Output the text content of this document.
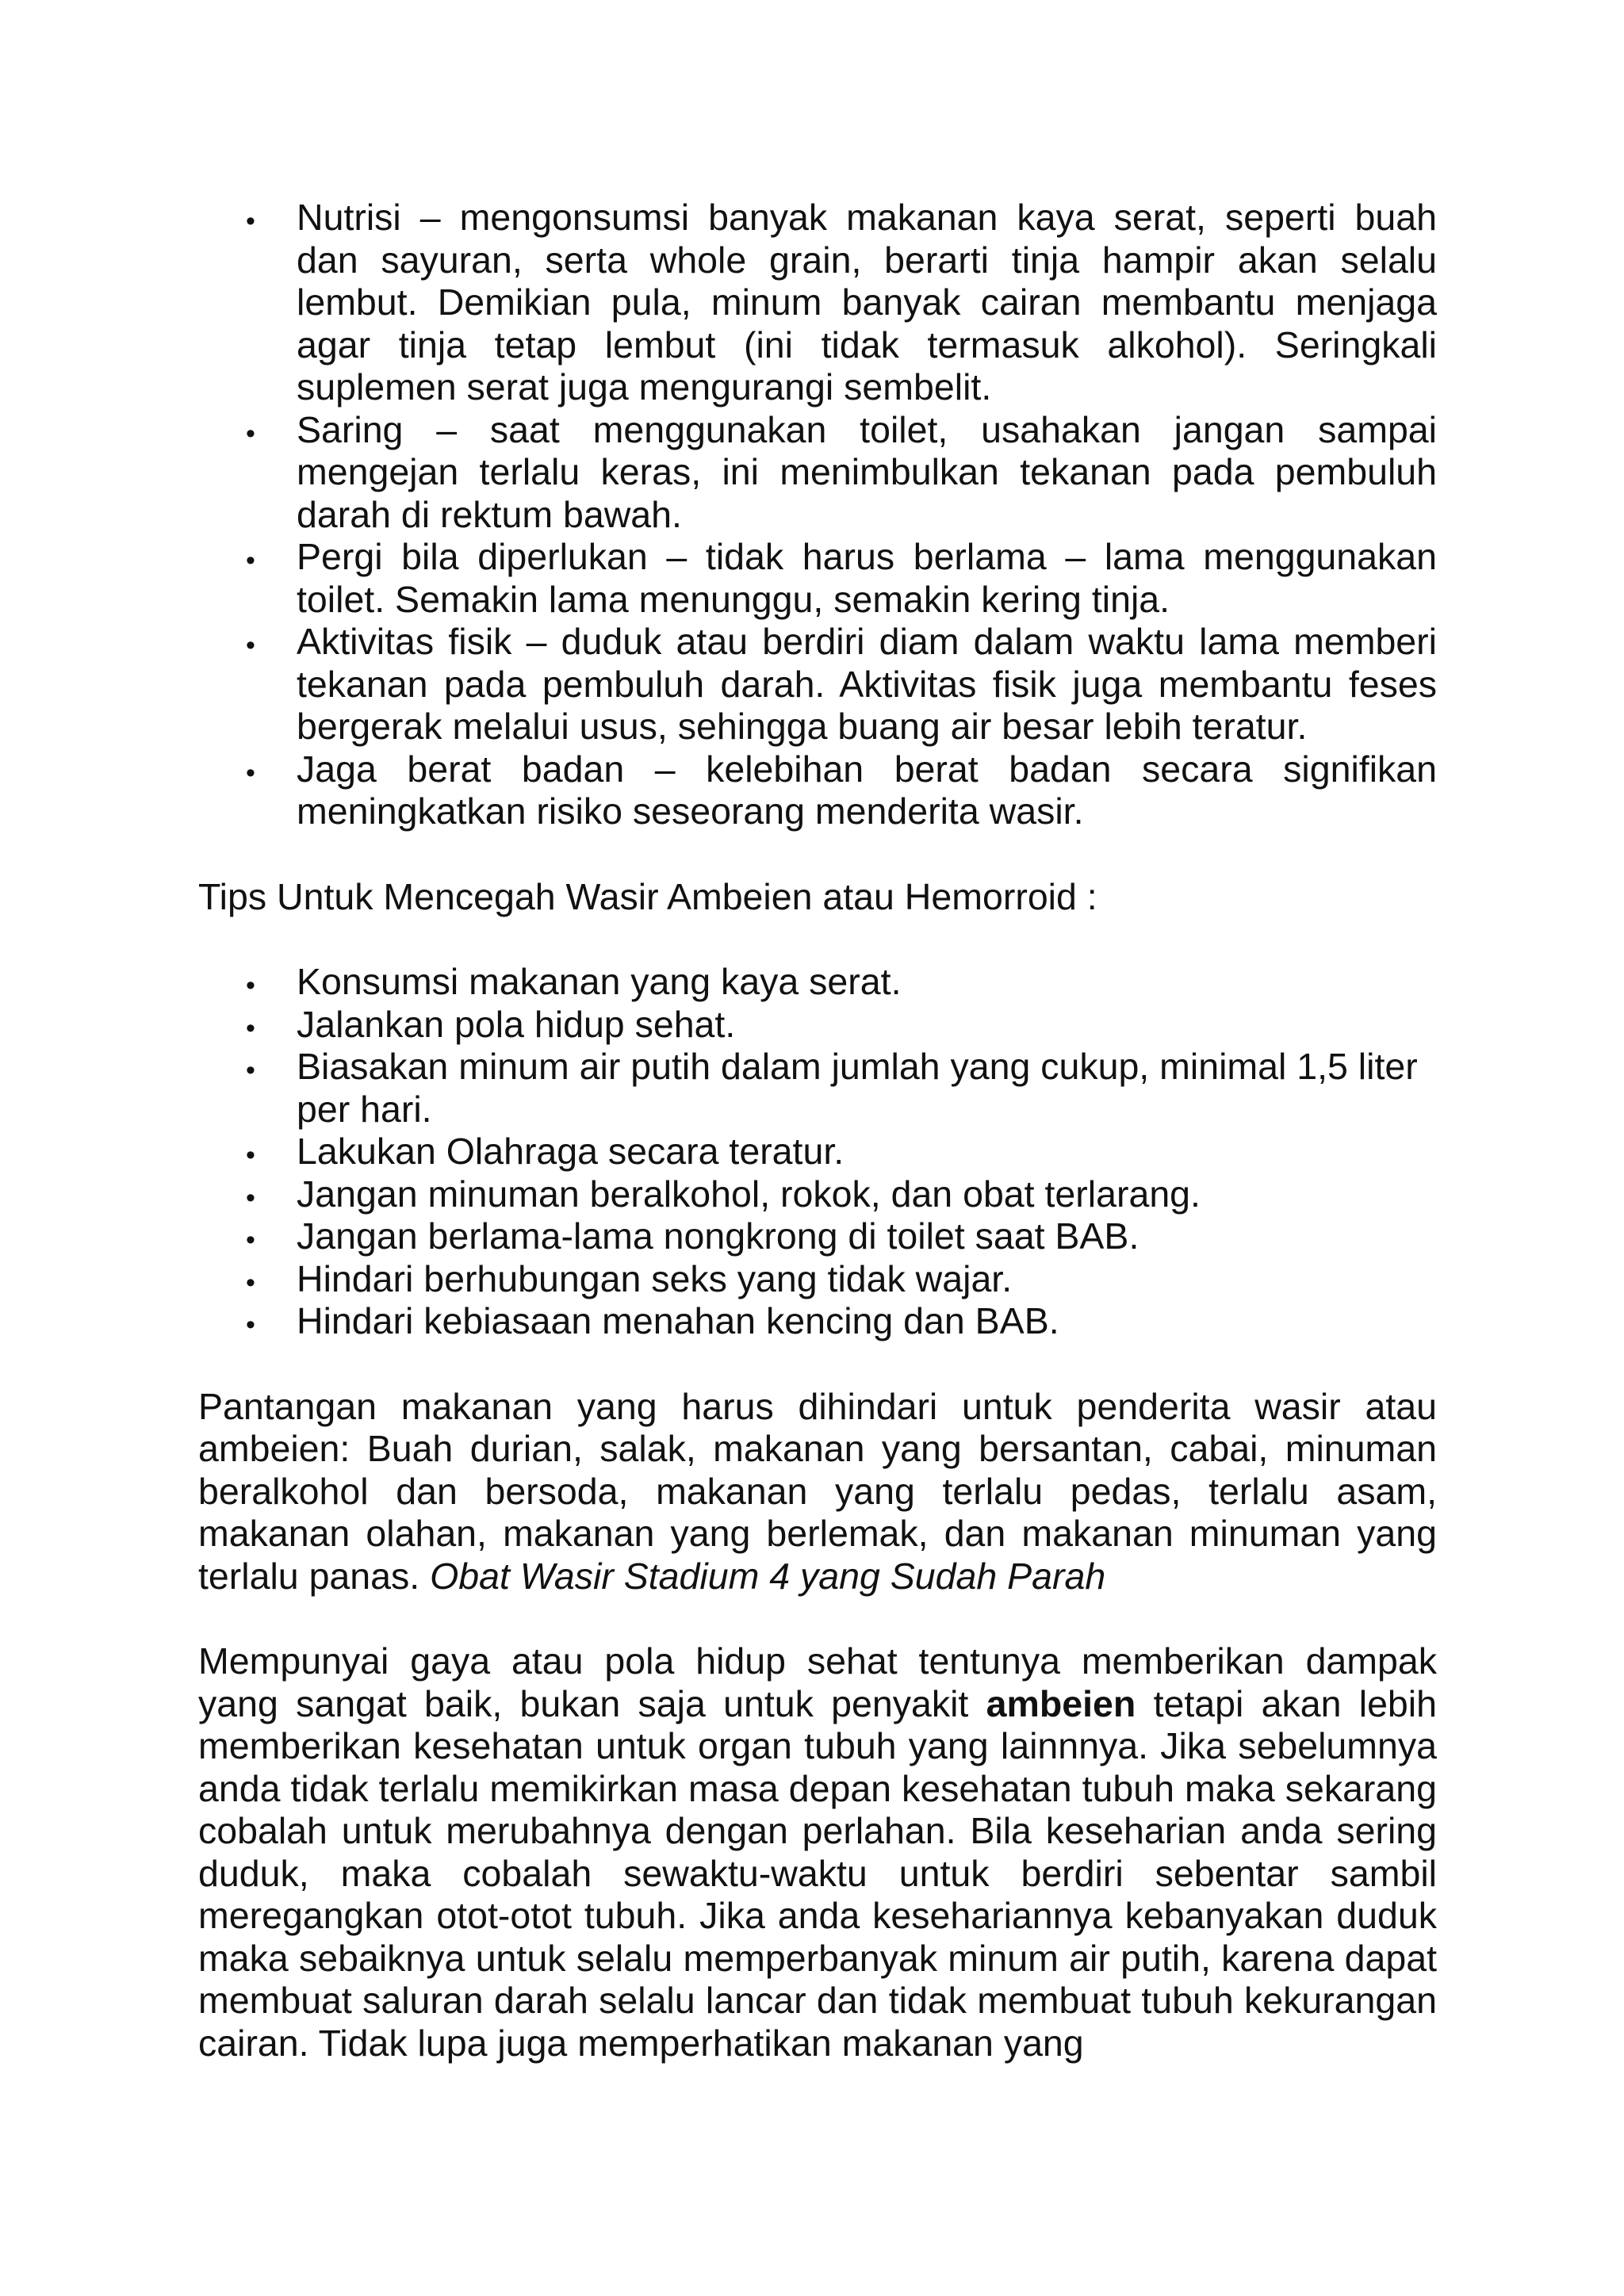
•
Nutrisi – mengonsumsi banyak makanan kaya serat, seperti buah dan sayuran, serta whole grain, berarti tinja hampir akan selalu lembut. Demikian pula, minum banyak cairan membantu menjaga agar tinja tetap lembut (ini tidak termasuk alkohol). Seringkali suplemen serat juga mengurangi sembelit.
•
Saring – saat menggunakan toilet, usahakan jangan sampai mengejan terlalu keras, ini menimbulkan tekanan pada pembuluh darah di rektum bawah.
•
Pergi bila diperlukan – tidak harus berlama – lama menggunakan toilet. Semakin lama menunggu, semakin kering tinja.
•
Aktivitas fisik – duduk atau berdiri diam dalam waktu lama memberi tekanan pada pembuluh darah. Aktivitas fisik juga membantu feses bergerak melalui usus, sehingga buang air besar lebih teratur.
•
Jaga berat badan – kelebihan berat badan secara signifikan meningkatkan risiko seseorang menderita wasir.

Tips Untuk Mencegah Wasir Ambeien atau Hemorroid :

•
Konsumsi makanan yang kaya serat.
•
Jalankan pola hidup sehat.
•
Biasakan minum air putih dalam jumlah yang cukup, minimal 1,5 liter per hari.
•
Lakukan Olahraga secara teratur.
•
Jangan minuman beralkohol, rokok, dan obat terlarang.
•
Jangan berlama-lama nongkrong di toilet saat BAB.
•
Hindari berhubungan seks yang tidak wajar.
•
Hindari kebiasaan menahan kencing dan BAB.

Pantangan makanan yang harus dihindari untuk penderita wasir atau ambeien: Buah durian, salak, makanan yang bersantan, cabai, minuman beralkohol dan bersoda, makanan yang terlalu pedas, terlalu asam, makanan olahan, makanan yang berlemak, dan makanan minuman yang terlalu panas. Obat Wasir Stadium 4 yang Sudah Parah

Mempunyai gaya atau pola hidup sehat tentunya memberikan dampak yang sangat baik, bukan saja untuk penyakit ambeien tetapi akan lebih memberikan kesehatan untuk organ tubuh yang lainnnya. Jika sebelumnya anda tidak terlalu memikirkan masa depan kesehatan tubuh maka sekarang cobalah untuk merubahnya dengan perlahan. Bila keseharian anda sering duduk, maka cobalah sewaktu-waktu untuk berdiri sebentar sambil meregangkan otot-otot tubuh. Jika anda kesehariannya kebanyakan duduk maka sebaiknya untuk selalu memperbanyak minum air putih, karena dapat membuat saluran darah selalu lancar dan tidak membuat tubuh kekurangan cairan. Tidak lupa juga memperhatikan makanan yang
